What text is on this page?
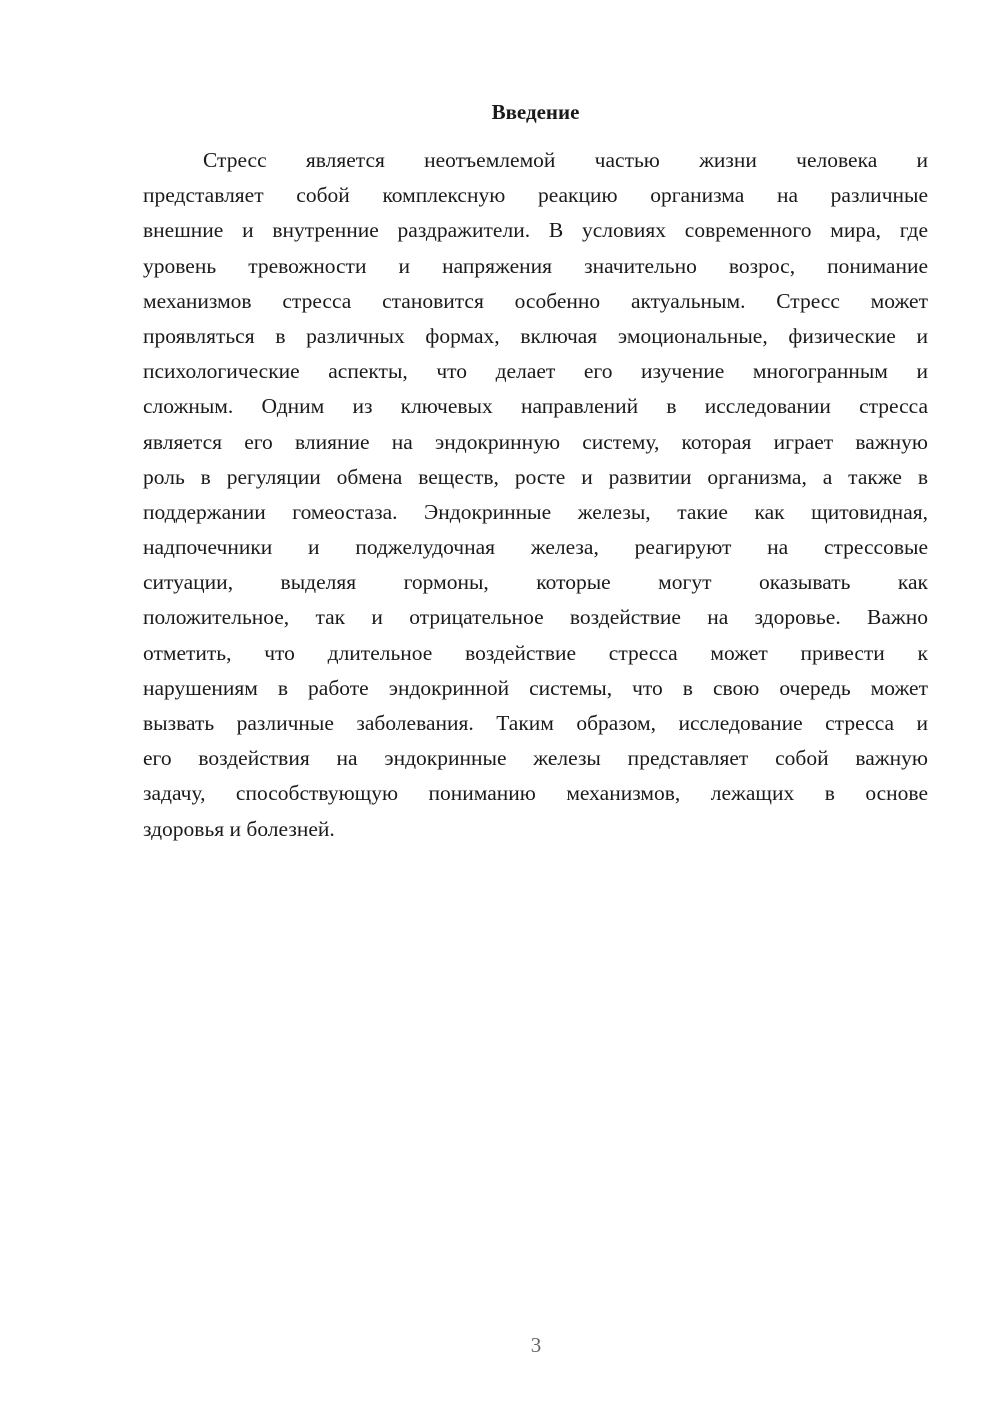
Введение
Стресс является неотъемлемой частью жизни человека и
представляет собой комплексную реакцию организма на различные
внешние и внутренние раздражители. В условиях современного мира, где
уровень тревожности и напряжения значительно возрос, понимание
механизмов стресса становится особенно актуальным. Стресс может
проявляться в различных формах, включая эмоциональные, физические и
психологические аспекты, что делает его изучение многогранным и
сложным. Одним из ключевых направлений в исследовании стресса
является его влияние на эндокринную систему, которая играет важную
роль в регуляции обмена веществ, росте и развитии организма, а также в
поддержании гомеостаза. Эндокринные железы, такие как щитовидная,
надпочечники и поджелудочная железа, реагируют на стрессовые
ситуации, выделяя гормоны, которые могут оказывать как
положительное, так и отрицательное воздействие на здоровье. Важно
отметить, что длительное воздействие стресса может привести к
нарушениям в работе эндокринной системы, что в свою очередь может
вызвать различные заболевания. Таким образом, исследование стресса и
его воздействия на эндокринные железы представляет собой важную
задачу, способствующую пониманию механизмов, лежащих в основе
здоровья и болезней.
3
